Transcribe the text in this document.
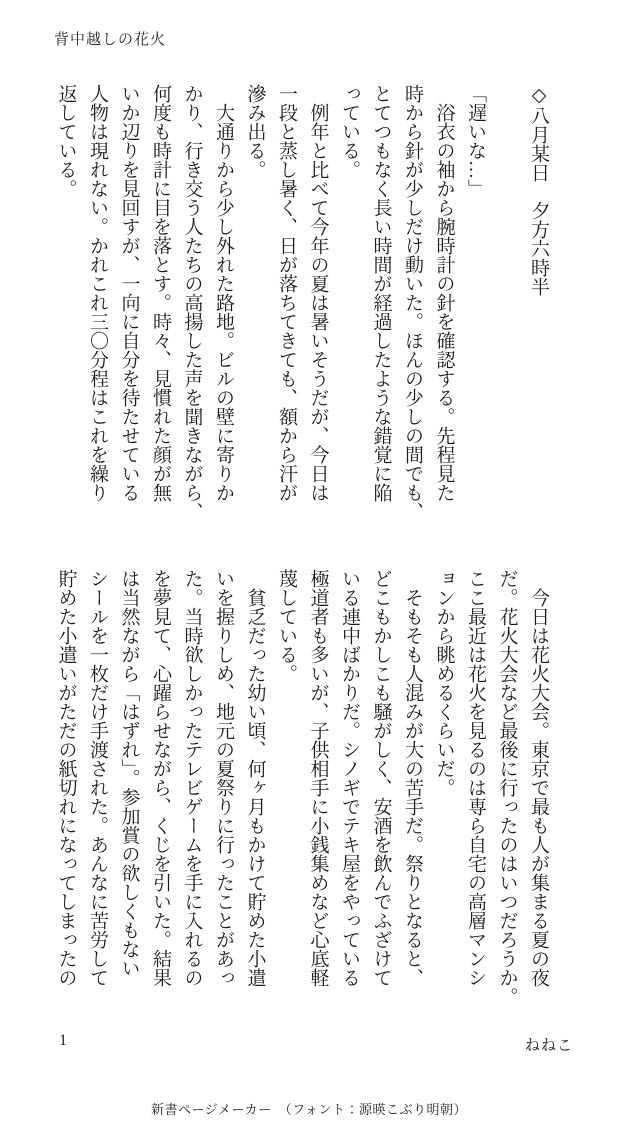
背中越しの花火
◇八月某日　夕方六時半
「遅いな…」
　浴衣の袖から腕時計の針を確認する。先程見た
時から針が少しだけ動いた。ほんの少しの間でも、
とてつもなく長い時間が経過したような錯覚に陥
っている。
　例年と比べて今年の夏は暑いそうだが、今日は
一段と蒸し暑く、日が落ちてきても、額から汗が
滲み出る。
　大通りから少し外れた路地。ビルの壁に寄りか
かり、行き交う人たちの高揚した声を聞きながら、
何度も時計に目を落とす。時々、見慣れた顔が無
いか辺りを見回すが、一向に自分を待たせている
人物は現れない。かれこれ三〇分程はこれを繰り
返している。
　今日は花火大会。東京で最も人が集まる夏の夜
だ。花火大会など最後に行ったのはいつだろうか。
ここ最近は花火を見るのは専ら自宅の高層マンシ
ョンから眺めるくらいだ。
　そもそも人混みが大の苦手だ。祭りとなると、
どこもかしこも騒がしく、安酒を飲んでふざけて
いる連中ばかりだ。シノギでテキ屋をやっている
極道者も多いが、子供相手に小銭集めなど心底軽
蔑している。
　貧乏だった幼い頃、何ヶ月もかけて貯めた小遣
いを握りしめ、地元の夏祭りに行ったことがあっ
た。当時欲しかったテレビゲームを手に入れるの
を夢見て、心躍らせながら、くじを引いた。結果
は当然ながら「はずれ」。参加賞の欲しくもない
シールを一枚だけ手渡された。あんなに苦労して
貯めた小遣いがただの紙切れになってしまったの
1	ねねこ
新書ページメーカー　（フォント：源暎こぶり明朝）
